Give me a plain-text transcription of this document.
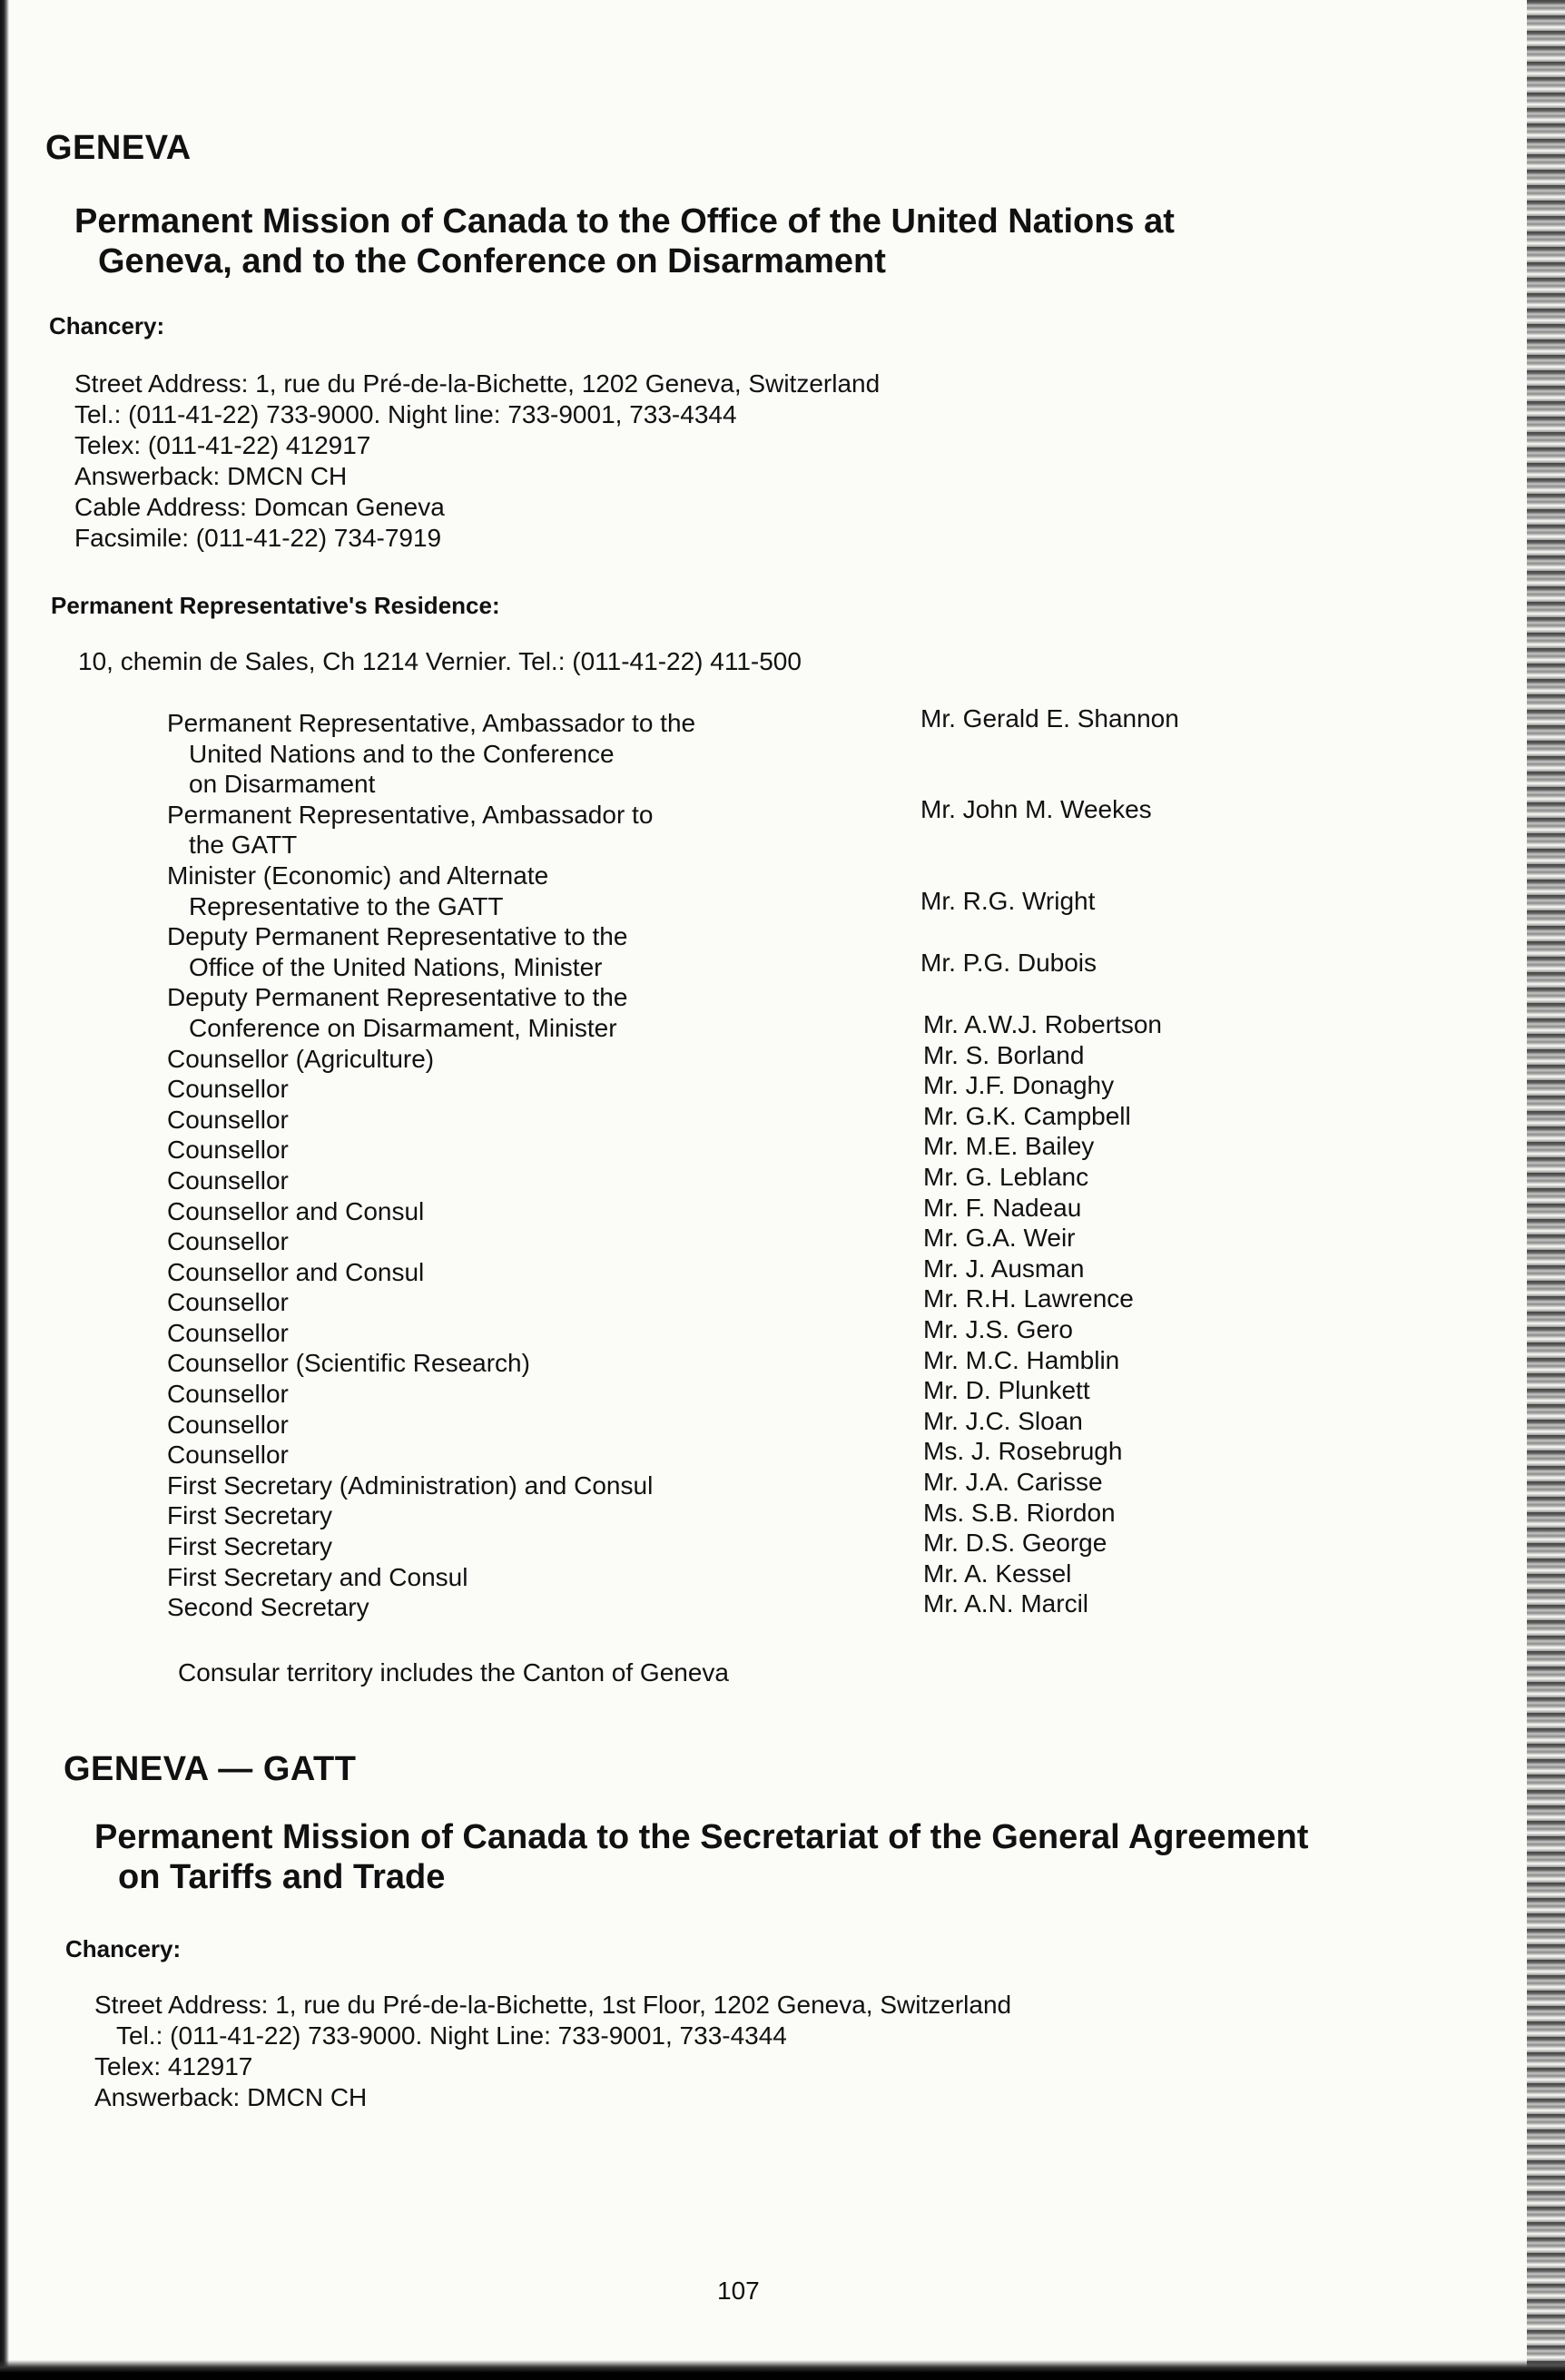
GENEVA
Permanent Mission of Canada to the Office of the United Nations at
Geneva, and to the Conference on Disarmament
Chancery:
Street Address: 1, rue du Pré-de-la-Bichette, 1202 Geneva, Switzerland
Tel.: (011-41-22) 733-9000. Night line: 733-9001, 733-4344
Telex: (011-41-22) 412917
Answerback: DMCN CH
Cable Address: Domcan Geneva
Facsimile: (011-41-22) 734-7919
Permanent Representative's Residence:
10, chemin de Sales, Ch 1214 Vernier. Tel.: (011-41-22) 411-500
Permanent Representative, Ambassador to the
United Nations and to the Conference
on Disarmament
Permanent Representative, Ambassador to
the GATT
Minister (Economic) and Alternate
Representative to the GATT
Deputy Permanent Representative to the
Office of the United Nations, Minister
Deputy Permanent Representative to the
Conference on Disarmament, Minister
Counsellor (Agriculture)
Counsellor
Counsellor
Counsellor
Counsellor
Counsellor and Consul
Counsellor
Counsellor and Consul
Counsellor
Counsellor
Counsellor (Scientific Research)
Counsellor
Counsellor
Counsellor
First Secretary (Administration) and Consul
First Secretary
First Secretary
First Secretary and Consul
Second Secretary
Mr. Gerald E. Shannon
Mr. John M. Weekes
Mr. R.G. Wright
Mr. P.G. Dubois
Mr. A.W.J. Robertson
Mr. S. Borland
Mr. J.F. Donaghy
Mr. G.K. Campbell
Mr. M.E. Bailey
Mr. G. Leblanc
Mr. F. Nadeau
Mr. G.A. Weir
Mr. J. Ausman
Mr. R.H. Lawrence
Mr. J.S. Gero
Mr. M.C. Hamblin
Mr. D. Plunkett
Mr. J.C. Sloan
Ms. J. Rosebrugh
Mr. J.A. Carisse
Ms. S.B. Riordon
Mr. D.S. George
Mr. A. Kessel
Mr. A.N. Marcil
Consular territory includes the Canton of Geneva
GENEVA — GATT
Permanent Mission of Canada to the Secretariat of the General Agreement
on Tariffs and Trade
Chancery:
Street Address: 1, rue du Pré-de-la-Bichette, 1st Floor, 1202 Geneva, Switzerland
Tel.: (011-41-22) 733-9000. Night Line: 733-9001, 733-4344
Telex: 412917
Answerback: DMCN CH
107
